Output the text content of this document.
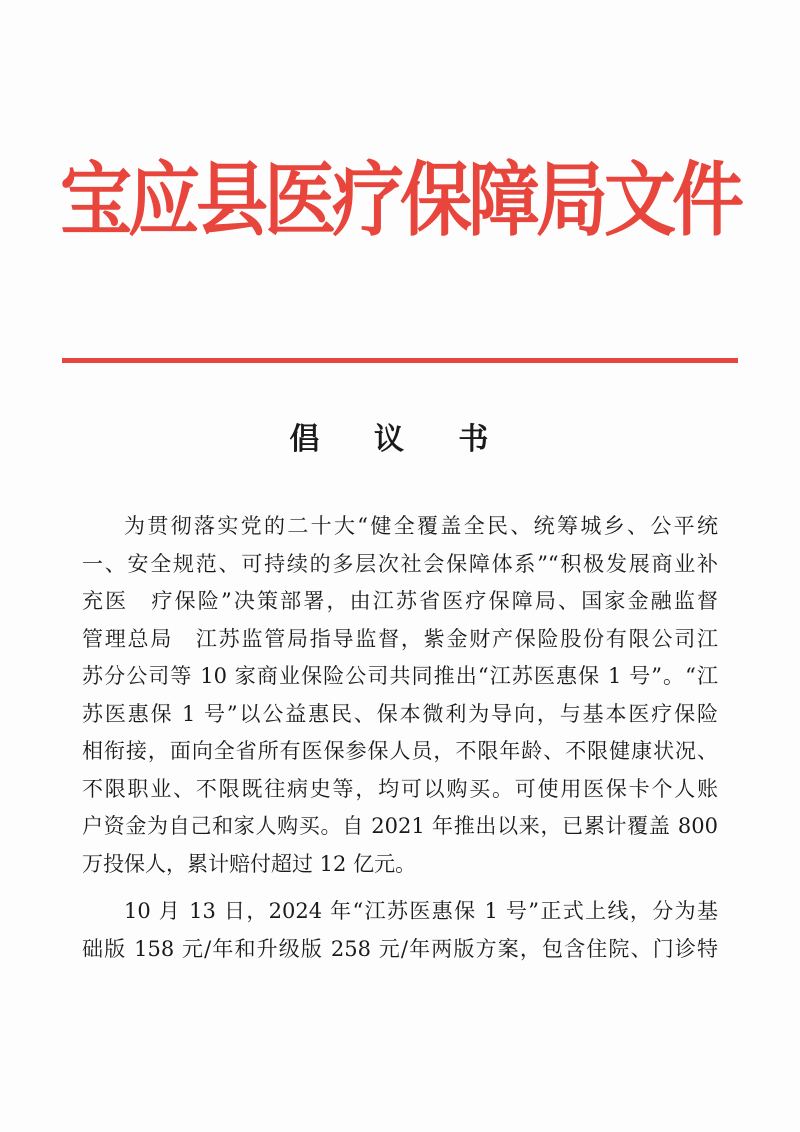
宝应县医疗保障局文件
倡 议 书
为贯彻落实党的二十大“健全覆盖全民、统筹城乡、公平统
一、安全规范、可持续的多层次社会保障体系”“积极发展商业补
充医　疗保险”决策部署，由江苏省医疗保障局、国家金融监督
管理总局　江苏监管局指导监督，紫金财产保险股份有限公司江
苏分公司等 10 家商业保险公司共同推出“江苏医惠保 1 号”。“江
苏医惠保 1 号”以公益惠民、保本微利为导向，与基本医疗保险
相衔接，面向全省所有医保参保人员，不限年龄、不限健康状况、
不限职业、不限既往病史等，均可以购买。可使用医保卡个人账
户资金为自己和家人购买。自 2021 年推出以来，已累计覆盖 800
万投保人，累计赔付超过 12 亿元。
10 月 13 日，2024 年“江苏医惠保 1 号”正式上线，分为基
础版 158 元/年和升级版 258 元/年两版方案，包含住院、门诊特
